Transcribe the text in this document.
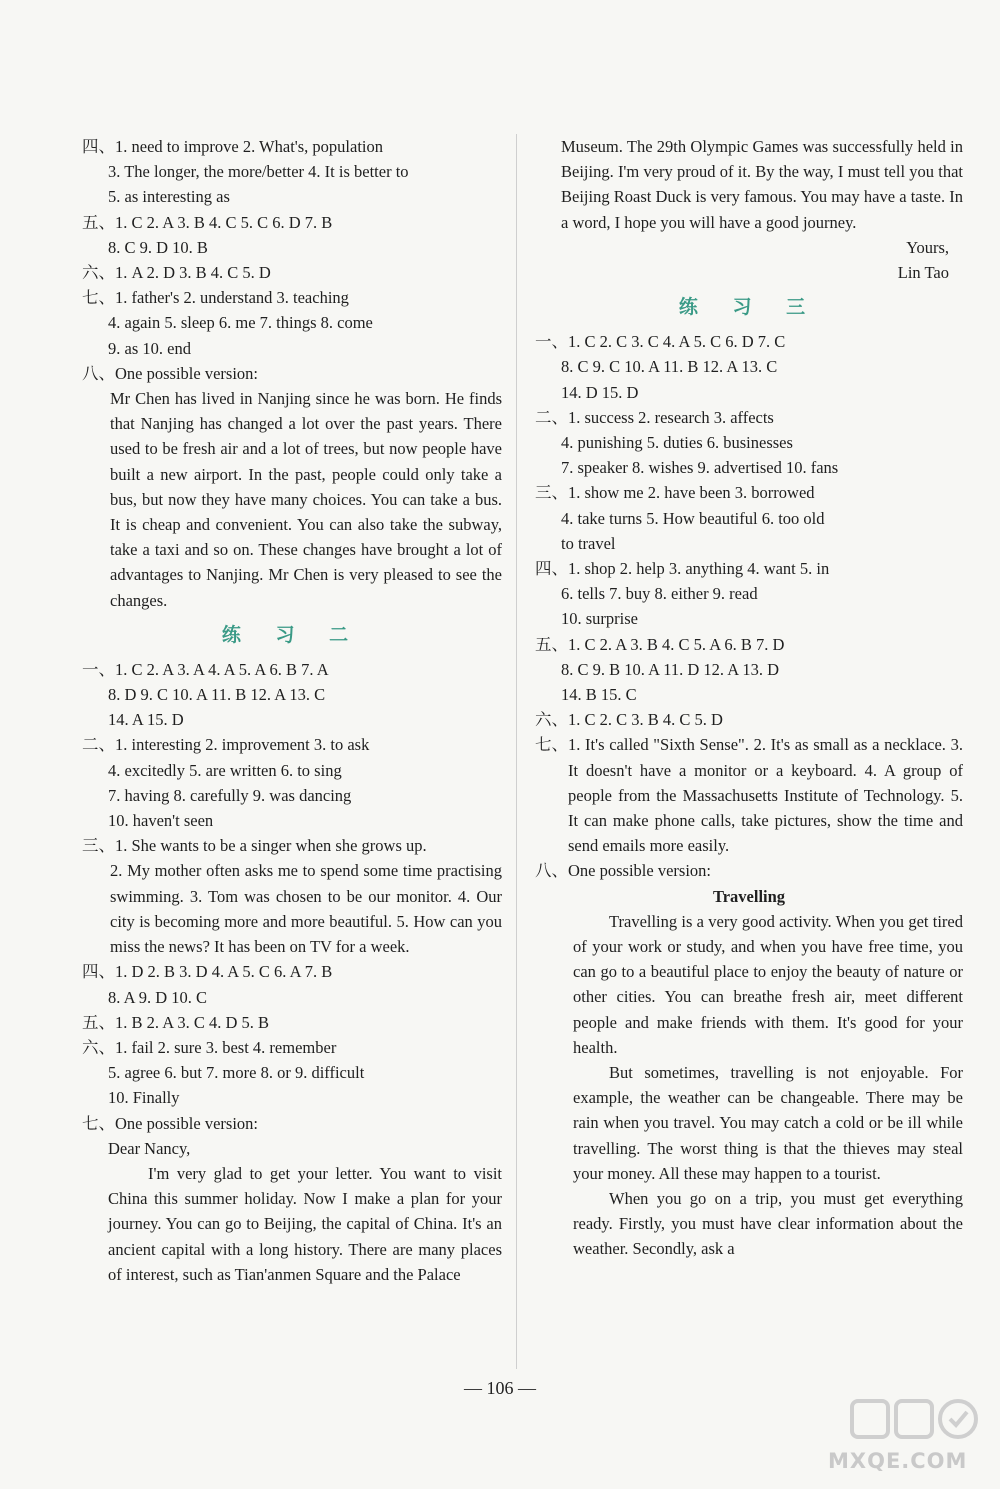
四、1. need to improve 2. What's, population
3. The longer, the more/better 4. It is better to
5. as interesting as
五、1. C 2. A 3. B 4. C 5. C 6. D 7. B
8. C 9. D 10. B
六、1. A 2. D 3. B 4. C 5. D
七、1. father's 2. understand 3. teaching
4. again 5. sleep 6. me 7. things 8. come
9. as 10. end
八、One possible version:
Mr Chen has lived in Nanjing since he was born. He finds that Nanjing has changed a lot over the past years. There used to be fresh air and a lot of trees, but now people have built a new airport. In the past, people could only take a bus, but now they have many choices. You can take a bus. It is cheap and convenient. You can also take the subway, take a taxi and so on. These changes have brought a lot of advantages to Nanjing. Mr Chen is very pleased to see the changes.
练 习 二
一、1. C 2. A 3. A 4. A 5. A 6. B 7. A
8. D 9. C 10. A 11. B 12. A 13. C
14. A 15. D
二、1. interesting 2. improvement 3. to ask
4. excitedly 5. are written 6. to sing
7. having 8. carefully 9. was dancing
10. haven't seen
三、1. She wants to be a singer when she grows up.
2. My mother often asks me to spend some time practising swimming. 3. Tom was chosen to be our monitor. 4. Our city is becoming more and more beautiful. 5. How can you miss the news? It has been on TV for a week.
四、1. D 2. B 3. D 4. A 5. C 6. A 7. B
8. A 9. D 10. C
五、1. B 2. A 3. C 4. D 5. B
六、1. fail 2. sure 3. best 4. remember
5. agree 6. but 7. more 8. or 9. difficult
10. Finally
七、One possible version:
Dear Nancy,
I'm very glad to get your letter. You want to visit China this summer holiday. Now I make a plan for your journey. You can go to Beijing, the capital of China. It's an ancient capital with a long history. There are many places of interest, such as Tian'anmen Square and the Palace
Museum. The 29th Olympic Games was successfully held in Beijing. I'm very proud of it. By the way, I must tell you that Beijing Roast Duck is very famous. You may have a taste. In a word, I hope you will have a good journey.
Yours,
Lin Tao
练 习 三
一、1. C 2. C 3. C 4. A 5. C 6. D 7. C
8. C 9. C 10. A 11. B 12. A 13. C
14. D 15. D
二、1. success 2. research 3. affects
4. punishing 5. duties 6. businesses
7. speaker 8. wishes 9. advertised 10. fans
三、1. show me 2. have been 3. borrowed
4. take turns 5. How beautiful 6. too old
to travel
四、1. shop 2. help 3. anything 4. want 5. in
6. tells 7. buy 8. either 9. read
10. surprise
五、1. C 2. A 3. B 4. C 5. A 6. B 7. D
8. C 9. B 10. A 11. D 12. A 13. D
14. B 15. C
六、1. C 2. C 3. B 4. C 5. D
七、 1. It's called "Sixth Sense". 2. It's as small as a necklace. 3. It doesn't have a monitor or a keyboard. 4. A group of people from the Massachusetts Institute of Technology. 5. It can make phone calls, take pictures, show the time and send emails more easily.
八、One possible version:
Travelling
Travelling is a very good activity. When you get tired of your work or study, and when you have free time, you can go to a beautiful place to enjoy the beauty of nature or other cities. You can breathe fresh air, meet different people and make friends with them. It's good for your health.
But sometimes, travelling is not enjoyable. For example, the weather can be changeable. There may be rain when you travel. You may catch a cold or be ill while travelling. The worst thing is that the thieves may steal your money. All these may happen to a tourist.
When you go on a trip, you must get everything ready. Firstly, you must have clear information about the weather. Secondly, ask a
— 106 —
MXQE.COM
